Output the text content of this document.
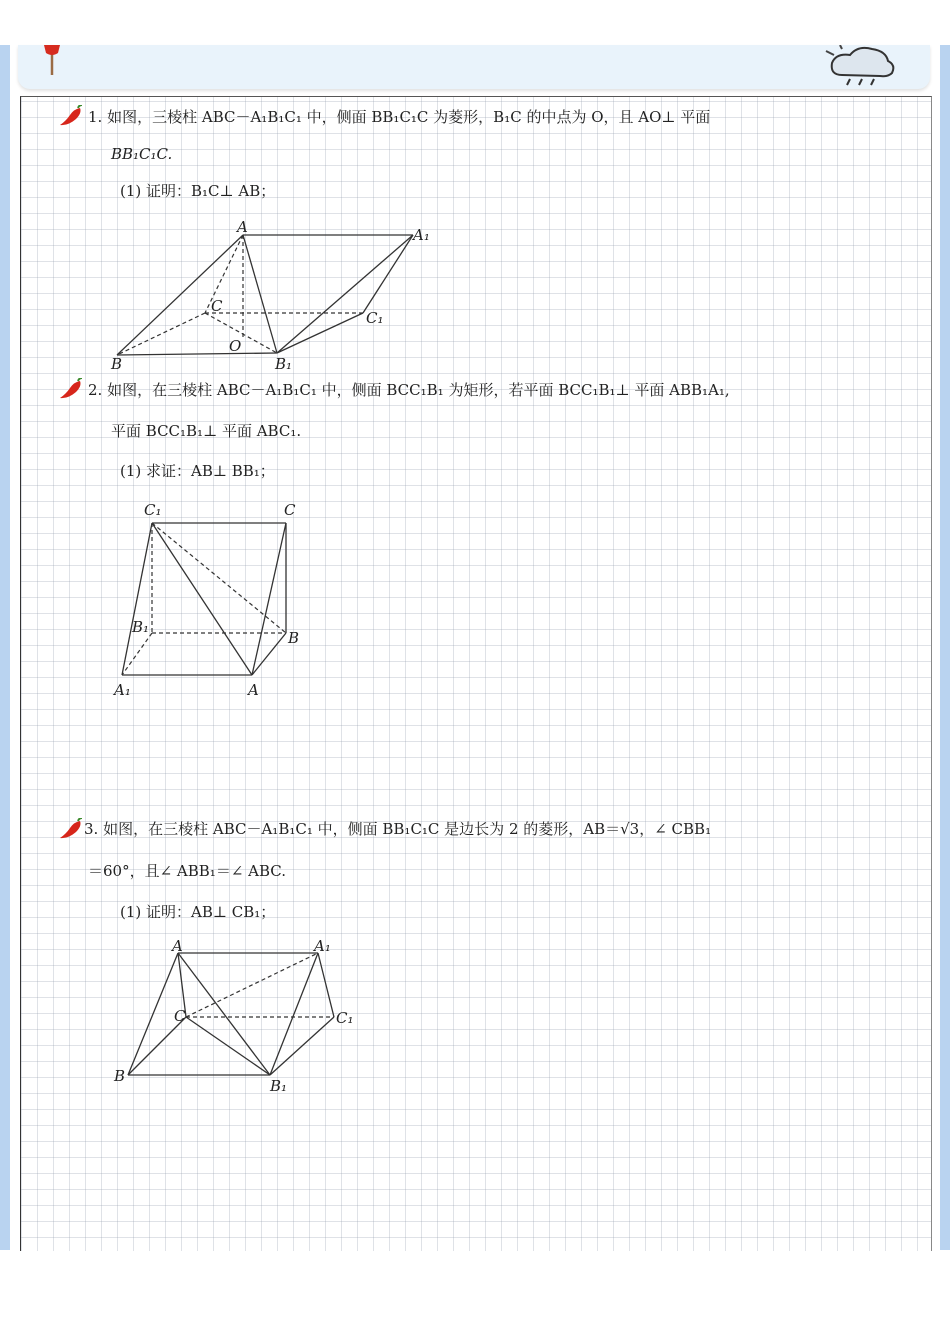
1. 如图，三棱柱 ABC－A₁B₁C₁ 中，侧面 BB₁C₁C 为菱形，B₁C 的中点为 O，且 AO⊥ 平面
BB₁C₁C.
(1) 证明：B₁C⊥ AB；
A	A₁
C
C₁
O
B	B₁
2. 如图，在三棱柱 ABC－A₁B₁C₁ 中，侧面 BCC₁B₁ 为矩形，若平面 BCC₁B₁⊥ 平面 ABB₁A₁,
平面 BCC₁B₁⊥ 平面 ABC₁.
(1) 求证：AB⊥ BB₁；
C₁	C
B₁
B
A₁	A
3. 如图，在三棱柱 ABC－A₁B₁C₁ 中，侧面 BB₁C₁C 是边长为 2 的菱形，AB＝√3，∠ CBB₁
＝60°，且∠ ABB₁＝∠ ABC.
(1) 证明：AB⊥ CB₁；
A	A₁
C	C₁
B
B₁
